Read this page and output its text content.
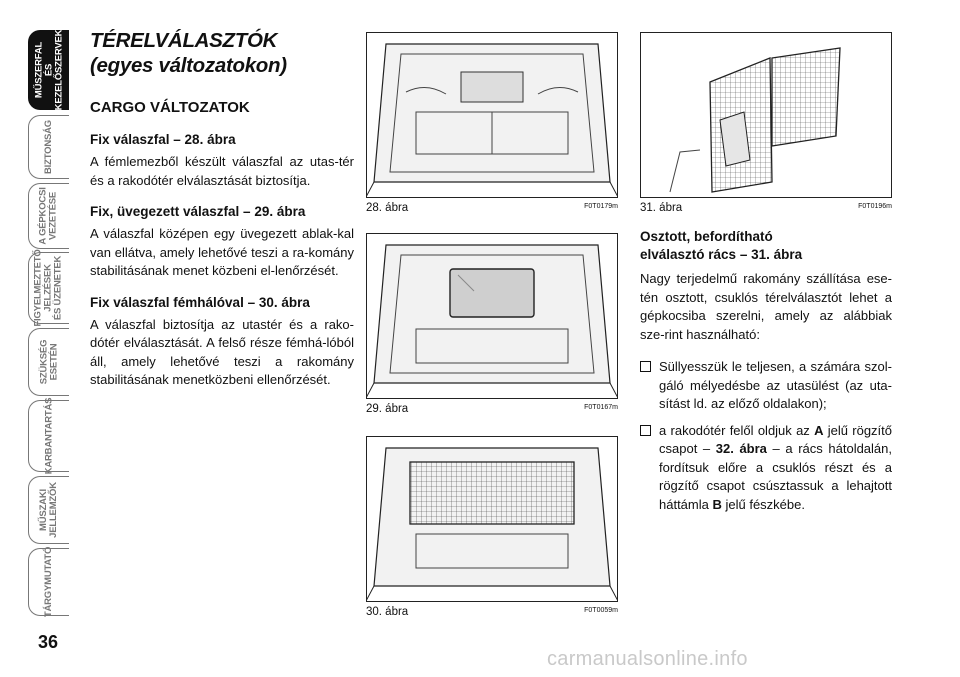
MŰSZERFAL
ÉS
KEZELŐSZERVEK
BIZTONSÁG
A GÉPKOCSI
VEZETÉSE
FIGYELMEZTETŐ
JELZÉSEK
ÉS ÜZENETEK
SZÜKSÉG
ESETÉN
KARBANTARTÁS
MŰSZAKI
JELLEMZŐK
TÁRGYMUTATÓ
36
TÉRELVÁLASZTÓK
(egyes változatokon)
CARGO VÁLTOZATOK
Fix válaszfal – 28. ábra
A fémlemezből készült válaszfal az utas-tér és a rakodótér elválasztását biztosítja.
Fix, üvegezett válaszfal – 29. ábra
A válaszfal középen egy üvegezett ablak-kal van ellátva, amely lehetővé teszi a ra-komány stabilitásának menet közbeni el-lenőrzését.
Fix válaszfal fémhálóval – 30. ábra
A válaszfal biztosítja az utastér és a rako-dótér elválasztását. A felső része fémhá-lóból áll, amely lehetővé teszi a rakomány stabilitásának menetközbeni ellenőrzését.
28. ábra	F0T0179m
29. ábra	F0T0167m
30. ábra	F0T0059m
31. ábra	F0T0196m
Osztott, befordítható
elválasztó rács – 31. ábra
Nagy terjedelmű rakomány szállítása ese-tén osztott, csuklós térelválasztót lehet a gépkocsiba szerelni, amely az alábbiak sze-rint használható:
Süllyesszük le teljesen, a számára szol-gáló mélyedésbe az utasülést (az uta-sítást ld. az előző oldalakon);
a rakodótér felől oldjuk az A jelű rögzítő csapot – 32. ábra – a rács hátoldalán, fordítsuk előre a csuklós részt és a rögzítő csapot csúsztassuk a lehajtott háttámla B jelű fészkébe.
carmanualsonline.info
